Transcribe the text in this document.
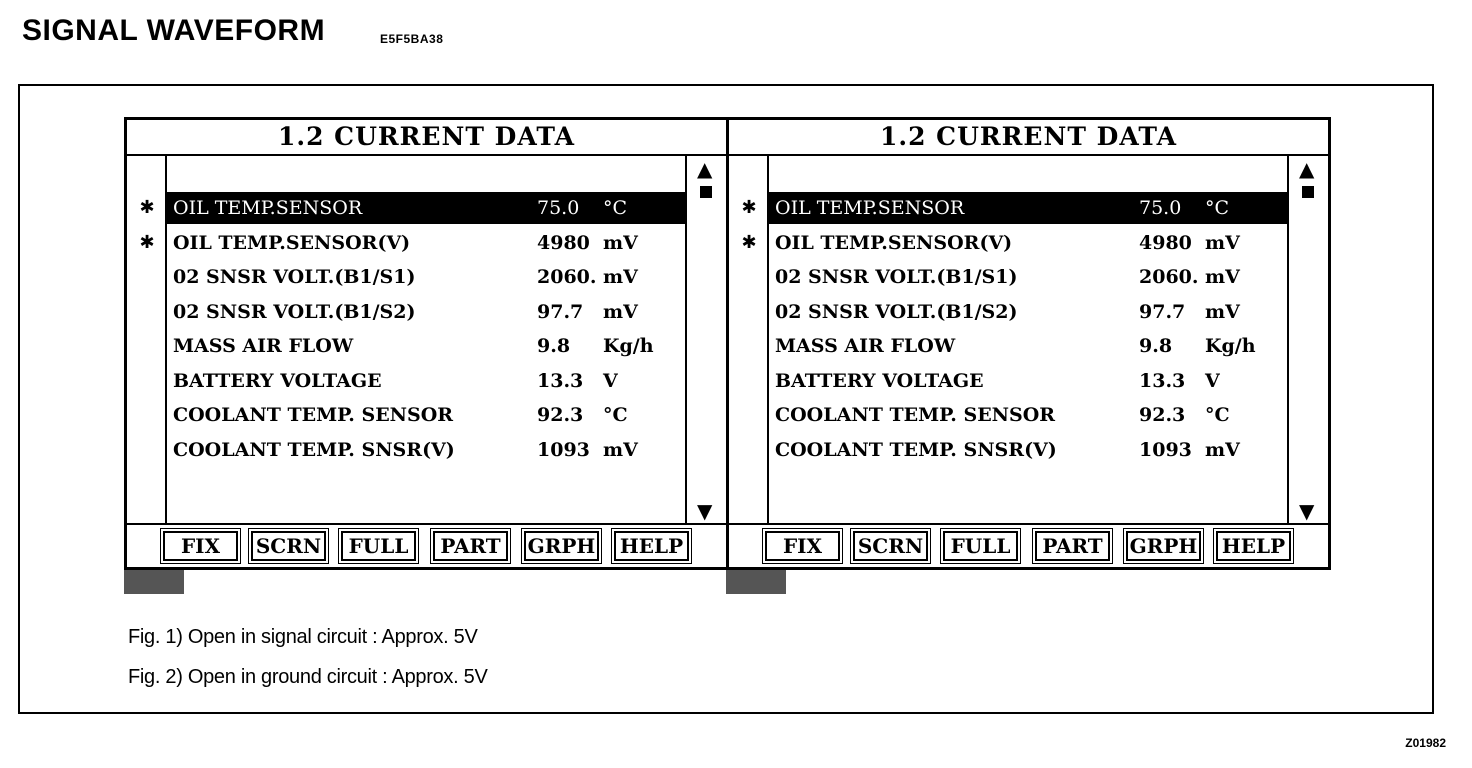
SIGNAL WAVEFORM	E5F5BA38
1.2 CURRENT DATA
OIL TEMP.SENSOR	75.0 °C
OIL TEMP.SENSOR(V)	4980 mV
02 SNSR VOLT.(B1/S1)	2060. mV
02 SNSR VOLT.(B1/S2)	97.7 mV
MASS AIR FLOW	9.8 Kg/h
BATTERY VOLTAGE	13.3 V
COOLANT TEMP. SENSOR	92.3 °C
COOLANT TEMP. SNSR(V)	1093 mV
▲
▼
FIX	SCRN	FULL	PART	GRPH HELP
✱
✱
1.2 CURRENT DATA
OIL TEMP.SENSOR	75.0 °C
OIL TEMP.SENSOR(V)	4980 mV
02 SNSR VOLT.(B1/S1)	2060. mV
02 SNSR VOLT.(B1/S2)	97.7 mV
MASS AIR FLOW	9.8 Kg/h
BATTERY VOLTAGE	13.3 V
COOLANT TEMP. SENSOR	92.3 °C
COOLANT TEMP. SNSR(V)	1093 mV
▲
▼
FIX	SCRN	FULL	PART	GRPH HELP
✱
✱
Fig. 1) Open in signal circuit : Approx. 5V
Fig. 2) Open in ground circuit : Approx. 5V
Z01982
